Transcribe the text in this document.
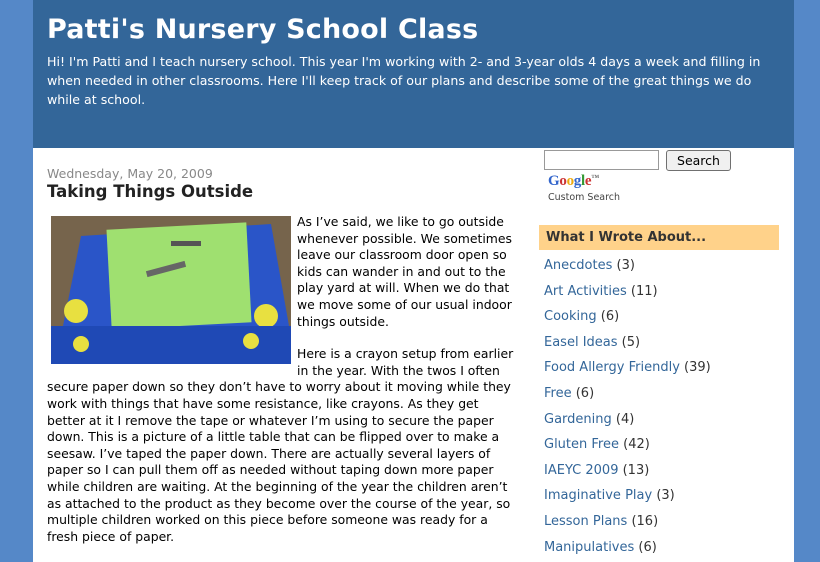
Patti's Nursery School Class

Hi! I'm Patti and I teach nursery school. This year I'm working with 2- and 3-year olds 4 days a week and filling in when needed in other classrooms. Here I'll keep track of our plans and describe some of the great things we do while at school.

Wednesday, May 20, 2009
Taking Things Outside

As I’ve said, we like to go outside whenever possible. We sometimes leave our classroom door open so kids can wander in and out to the play yard at will. When we do that we move some of our usual indoor things outside.

Here is a crayon setup from earlier in the year. With the twos I often secure paper down so they don’t have to worry about it moving while they work with things that have some resistance, like crayons. As they get better at it I remove the tape or whatever I’m using to secure the paper down. This is a picture of a little table that can be flipped over to make a seesaw. I’ve taped the paper down. There are actually several layers of paper so I can pull them off as needed without taping down more paper while children are waiting. At the beginning of the year the children aren’t as attached to the product as they become over the course of the year, so multiple children worked on this piece before someone was ready for a fresh piece of paper.

Search
Google™
Custom Search
What I Wrote About...
Anecdotes (3)
Art Activities (11)
Cooking (6)
Easel Ideas (5)
Food Allergy Friendly (39)
Free (6)
Gardening (4)
Gluten Free (42)
IAEYC 2009 (13)
Imaginative Play (3)
Lesson Plans (16)
Manipulatives (6)
